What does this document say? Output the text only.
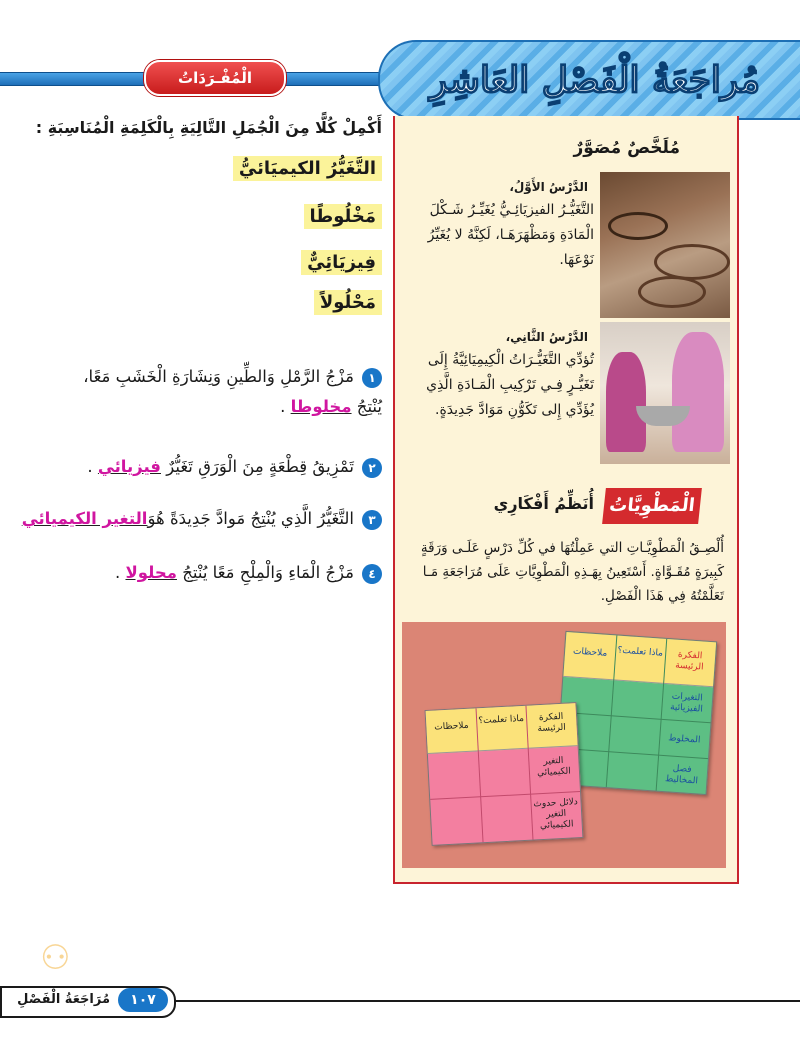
مُراجَعَةُ الْفَصْلِ العَاشِرِ
الْمُفْـرَدَاتُ
أَكْمِلْ كُلًّا مِنَ الْجُمَلِ التَّالِيَةِ بِالْكَلِمَةِ الْمُنَاسِبَةِ :
التَّغَيُّرُ الكيميَائيُّ
مَخْلُوطًا
فِيزيَائِيٌّ
مَحْلُولاً
١مَزْجُ الرَّمْلِ وَالطِّينِ وَنِشَارَةِ الْخَشَبِ مَعًا،
يُنْتِجُ مخلوطا .
٢تَمْزِيقُ قِطْعَةٍ مِنَ الْوَرَقِ تَغَيُّرٌ فيزيائي .
٣التَّغَيُّرُ الَّذِي يُنْتِجُ مَوادَّ جَدِيدَةً هُوَالتغير الكيميائي
٤مَزْجُ الْمَاءِ وَالْمِلْحِ مَعًا يُنْتِجُ محلولا .
مُلَخَّصٌ مُصَوَّرٌ
الدَّرْسُ الأَوَّلُ،
التَّغَيُّـرُ الفيزيَائِـيُّ يُغَيِّـرُ شَـكْلَ
الْمَادَةِ وَمَظْهَرَهَـا، لَكِنَّهُ لا يُغَيِّرُ
نَوْعَهَا.
الدَّرْسُ الثَّانِي،
تُؤدِّي التَّغَيُّـرَاتُ الْكِيمِيَائِيَّةُ إِلَى
تَغَيُّـرٍ فِـي تَرْكِيبِ الْمَـادَةِ الَّذِي
يُؤَدِّي إِلى تَكَوُّنِ مَوَادَّ جَدِيدَةٍ.
الْمَطْوِيَّاتُ
أُنَظِّمُ أَفْكَارِي
أُلْصِـقُ الْمَطْوِيَّـاتِ التي عَمِلْتُهَا في كُلِّ دَرْسٍ عَلَـى وَرَقَةٍ كَبِيرَةٍ مُقَـوَّاةٍ. أَسْتَعِينُ بِهَـذِهِ الْمَطْوِيَّاتِ عَلَى مُرَاجَعَةِ مَـا تَعَلَّمْتُهُ فِي هَذَا الْفَصْلِ.
الفكرة الرئيسة
ماذا تعلمت؟
ملاحظات
التغيرات الفيزيائية
المخلوط
فصل المخاليط
الفكرة الرئيسة
ماذا تعلمت؟
ملاحظات
التغير الكيميائي
دلائل حدوث التغير الكيميائي
⚇
مُرَاجَعَةُ الْفَصْلِ	١٠٧
